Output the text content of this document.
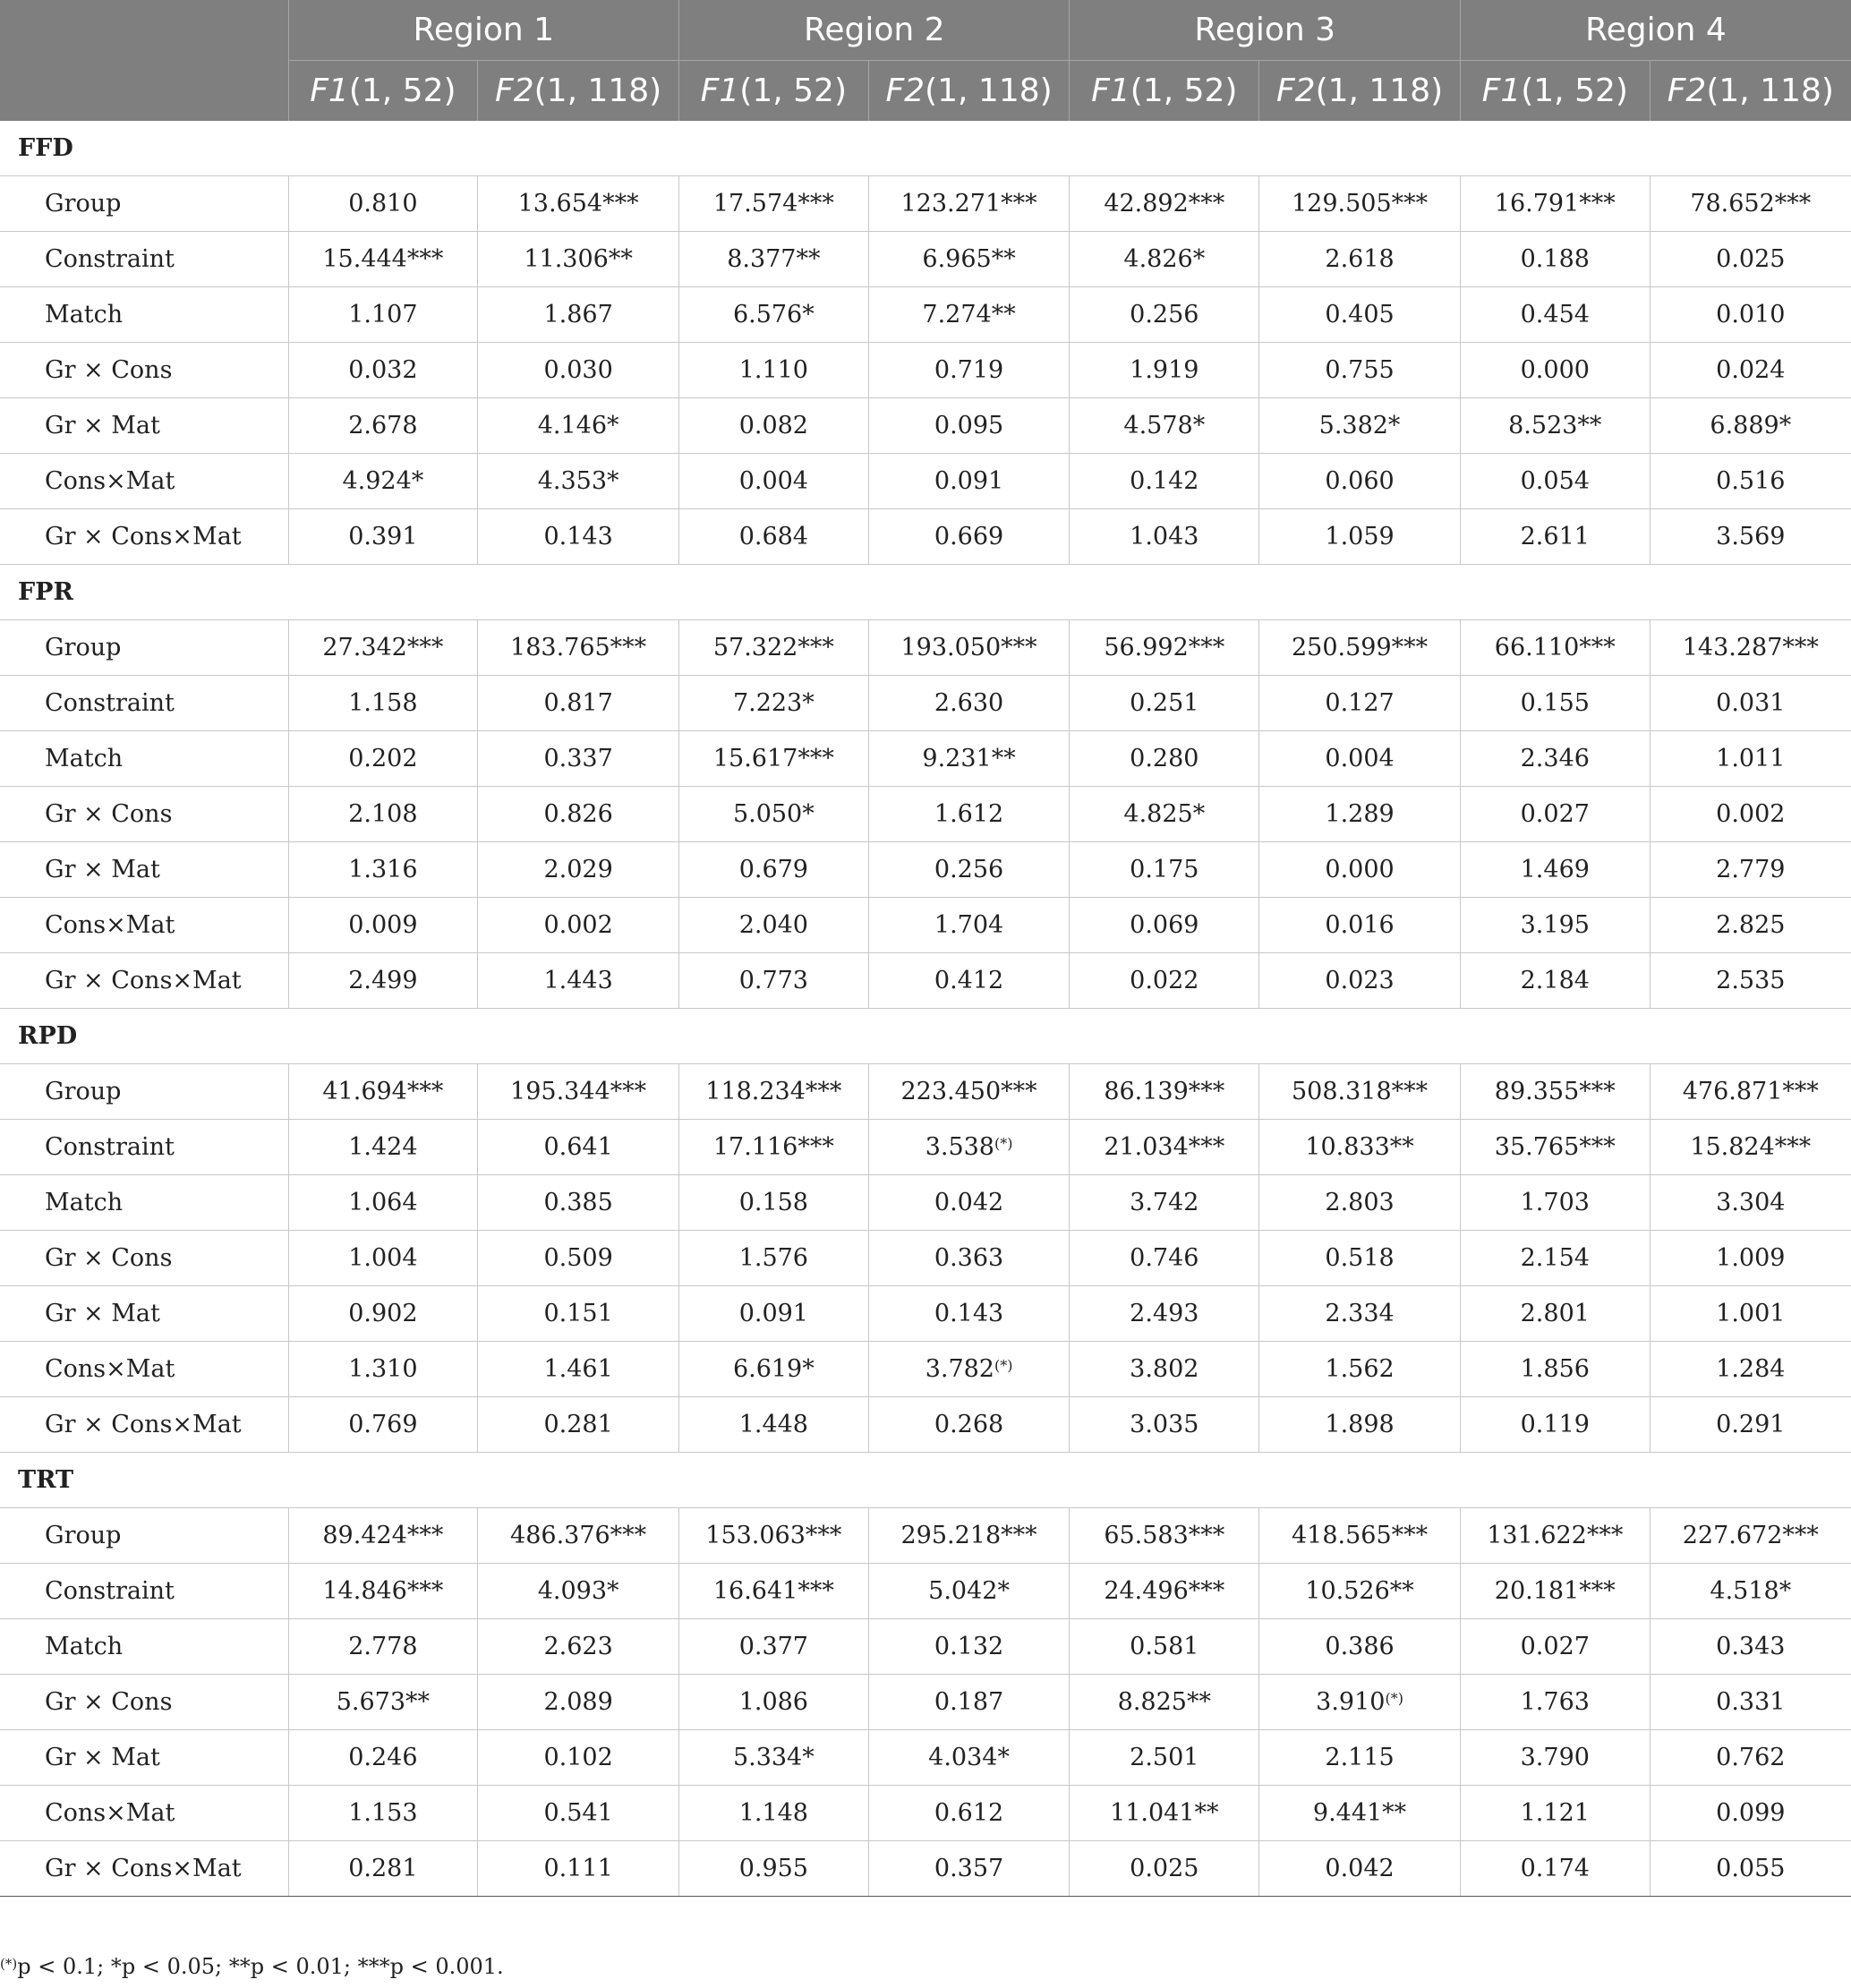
	Region 1		Region 2		Region 3		Region 4	
	F1(1, 52)	F2(1, 118)	F1(1, 52)	F2(1, 118)	F1(1, 52)	F2(1, 118)	F1(1, 52)	F2(1, 118)
FFD								
Group	0.810	13.654***	17.574***	123.271***	42.892***	129.505***	16.791***	78.652***
Constraint	15.444***	11.306**	8.377**	6.965**	4.826*	2.618	0.188	0.025
Match	1.107	1.867	6.576*	7.274**	0.256	0.405	0.454	0.010
Gr × Cons	0.032	0.030	1.110	0.719	1.919	0.755	0.000	0.024
Gr × Mat	2.678	4.146*	0.082	0.095	4.578*	5.382*	8.523**	6.889*
Cons×Mat	4.924*	4.353*	0.004	0.091	0.142	0.060	0.054	0.516
Gr × Cons×Mat	0.391	0.143	0.684	0.669	1.043	1.059	2.611	3.569
FPR								
Group	27.342***	183.765***	57.322***	193.050***	56.992***	250.599***	66.110***	143.287***
Constraint	1.158	0.817	7.223*	2.630	0.251	0.127	0.155	0.031
Match	0.202	0.337	15.617***	9.231**	0.280	0.004	2.346	1.011
Gr × Cons	2.108	0.826	5.050*	1.612	4.825*	1.289	0.027	0.002
Gr × Mat	1.316	2.029	0.679	0.256	0.175	0.000	1.469	2.779
Cons×Mat	0.009	0.002	2.040	1.704	0.069	0.016	3.195	2.825
Gr × Cons×Mat	2.499	1.443	0.773	0.412	0.022	0.023	2.184	2.535
RPD								
Group	41.694***	195.344***	118.234***	223.450***	86.139***	508.318***	89.355***	476.871***
Constraint	1.424	0.641	17.116***	3.538(*)	21.034***	10.833**	35.765***	15.824***
Match	1.064	0.385	0.158	0.042	3.742	2.803	1.703	3.304
Gr × Cons	1.004	0.509	1.576	0.363	0.746	0.518	2.154	1.009
Gr × Mat	0.902	0.151	0.091	0.143	2.493	2.334	2.801	1.001
Cons×Mat	1.310	1.461	6.619*	3.782(*)	3.802	1.562	1.856	1.284
Gr × Cons×Mat	0.769	0.281	1.448	0.268	3.035	1.898	0.119	0.291
TRT								
Group	89.424***	486.376***	153.063***	295.218***	65.583***	418.565***	131.622***	227.672***
Constraint	14.846***	4.093*	16.641***	5.042*	24.496***	10.526**	20.181***	4.518*
Match	2.778	2.623	0.377	0.132	0.581	0.386	0.027	0.343
Gr × Cons	5.673**	2.089	1.086	0.187	8.825**	3.910(*)	1.763	0.331
Gr × Mat	0.246	0.102	5.334*	4.034*	2.501	2.115	3.790	0.762
Cons×Mat	1.153	0.541	1.148	0.612	11.041**	9.441**	1.121	0.099
Gr × Cons×Mat	0.281	0.111	0.955	0.357	0.025	0.042	0.174	0.055
(*)p < 0.1; *p < 0.05; **p < 0.01; ***p < 0.001.
